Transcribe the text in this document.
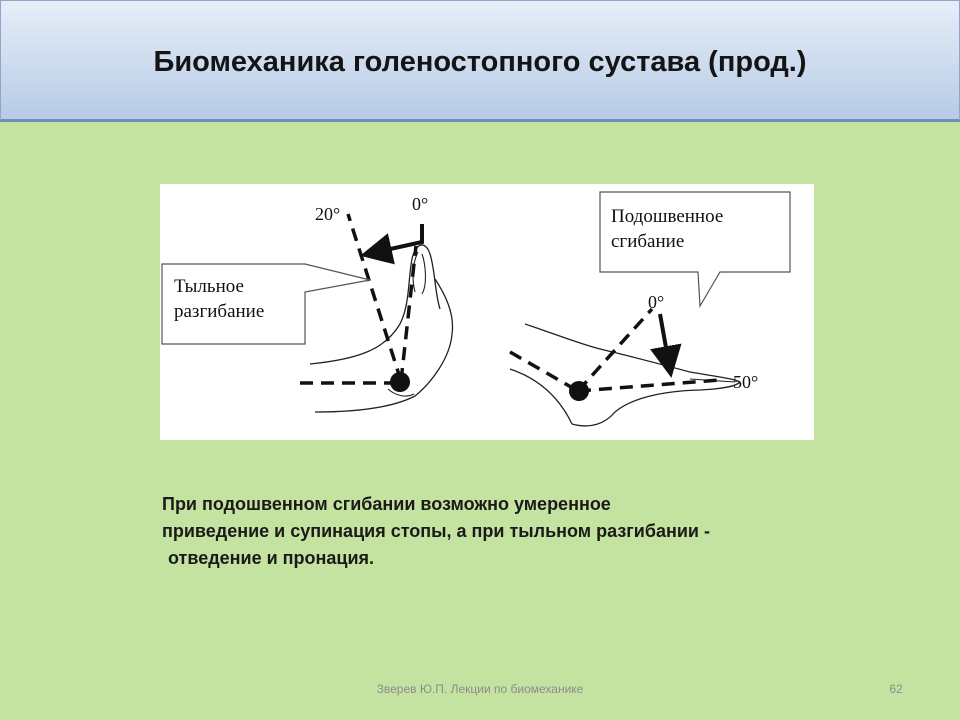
Биомеханика голеностопного сустава (прод.)
Тыльное
разгибание
20°	0°
Подошвенное
сгибание
0°
50°
При подошвенном сгибании возможно умеренное
приведение и супинация стопы, а при тыльном разгибании -
отведение и пронация.
Зверев Ю.П. Лекции по биомеханике	62
